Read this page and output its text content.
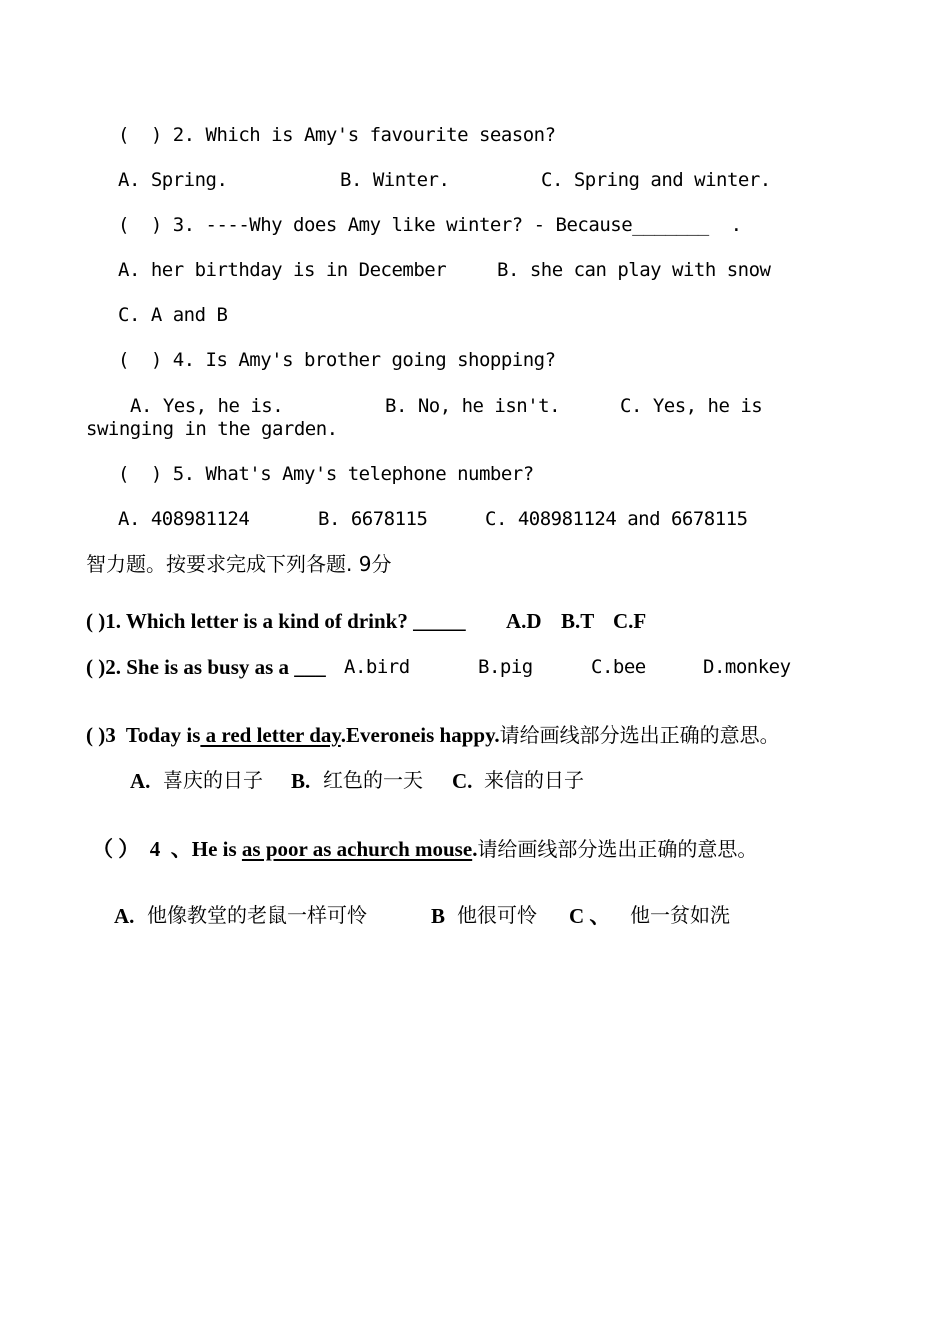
(  ) 2. Which is Amy's favourite season?
A. Spring.	B. Winter.	C. Spring and winter.
(  ) 3. ----Why does Amy like winter? - Because_______  .
A. her birthday is in December	B. she can play with snow
C. A and B
(  ) 4. Is Amy's brother going shopping?
A. Yes, he is.	B. No, he isn't.	C. Yes, he is
swinging in the garden.
(  ) 5. What's Amy's telephone number?
A. 408981124	B. 6678115	C. 408981124 and 6678115
智力题。按要求完成下列各题. 9分
( )1. Which letter is a kind of drink? _____ A.D B.T C.F
( )2. She is as busy as a ___ A.bird	B.pig	C.bee	D.monkey
( )3  Today is a red letter day.Everoneis happy.请给画线部分选出正确的意思。
A. 喜庆的日子 B. 红色的一天 C. 来信的日子
（ ）  4  、He is as poor as achurch mouse.请给画线部分选出正确的意思。
A. 他像教堂的老鼠一样可怜	B 他很可怜 C 、 他一贫如洗
